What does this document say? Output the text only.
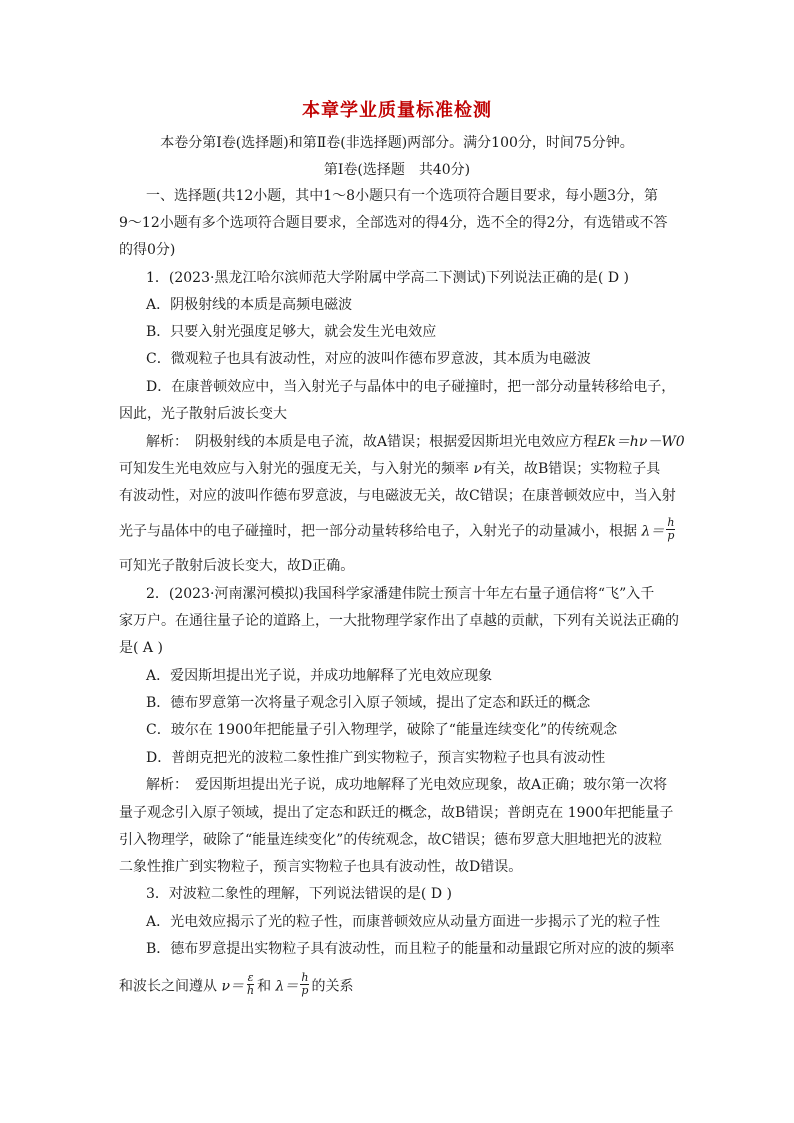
本章学业质量标准检测
本卷分第Ⅰ卷(选择题)和第Ⅱ卷(非选择题)两部分。满分100分，时间75分钟。
第Ⅰ卷(选择题　共40分)
一、选择题(共12小题，其中1～8小题只有一个选项符合题目要求，每小题3分，第
9～12小题有多个选项符合题目要求，全部选对的得4分，选不全的得2分，有选错或不答
的得0分)
1．(2023·黑龙江哈尔滨师范大学附属中学高二下测试)下列说法正确的是( D )
A．阴极射线的本质是高频电磁波
B．只要入射光强度足够大，就会发生光电效应
C．微观粒子也具有波动性，对应的波叫作德布罗意波，其本质为电磁波
D．在康普顿效应中，当入射光子与晶体中的电子碰撞时，把一部分动量转移给电子，
因此，光子散射后波长变大
解析：　阴极射线的本质是电子流，故A错误；根据爱因斯坦光电效应方程Ek＝hν－W0
可知发生光电效应与入射光的强度无关，与入射光的频率 ν有关，故B错误；实物粒子具
有波动性，对应的波叫作德布罗意波，与电磁波无关，故C错误；在康普顿效应中，当入射
光子与晶体中的电子碰撞时，把一部分动量转移给电子，入射光子的动量减小，根据 $\lambda= \frac{h}{p}$
可知光子散射后波长变大，故D正确。
2．(2023·河南漯河模拟)我国科学家潘建伟院士预言十年左右量子通信将“飞”入千
家万户。在通往量子论的道路上，一大批物理学家作出了卓越的贡献，下列有关说法正确的
是( A )
A．爱因斯坦提出光子说，并成功地解释了光电效应现象
B．德布罗意第一次将量子观念引入原子领域，提出了定态和跃迁的概念
C．玻尔在 1900年把能量子引入物理学，破除了“能量连续变化”的传统观念
D．普朗克把光的波粒二象性推广到实物粒子，预言实物粒子也具有波动性
解析：　爱因斯坦提出光子说，成功地解释了光电效应现象，故A正确；玻尔第一次将
量子观念引入原子领域，提出了定态和跃迁的概念，故B错误；普朗克在 1900年把能量子
引入物理学，破除了“能量连续变化”的传统观念，故C错误；德布罗意大胆地把光的波粒
二象性推广到实物粒子，预言实物粒子也具有波动性，故D错误。
3．对波粒二象性的理解，下列说法错误的是( D )
A．光电效应揭示了光的粒子性，而康普顿效应从动量方面进一步揭示了光的粒子性
B．德布罗意提出实物粒子具有波动性，而且粒子的能量和动量跟它所对应的波的频率
和波长之间遵从 $\nu= \frac{\varepsilon}{h}$ 和 $\lambda= \frac{h}{p}$ 的关系
